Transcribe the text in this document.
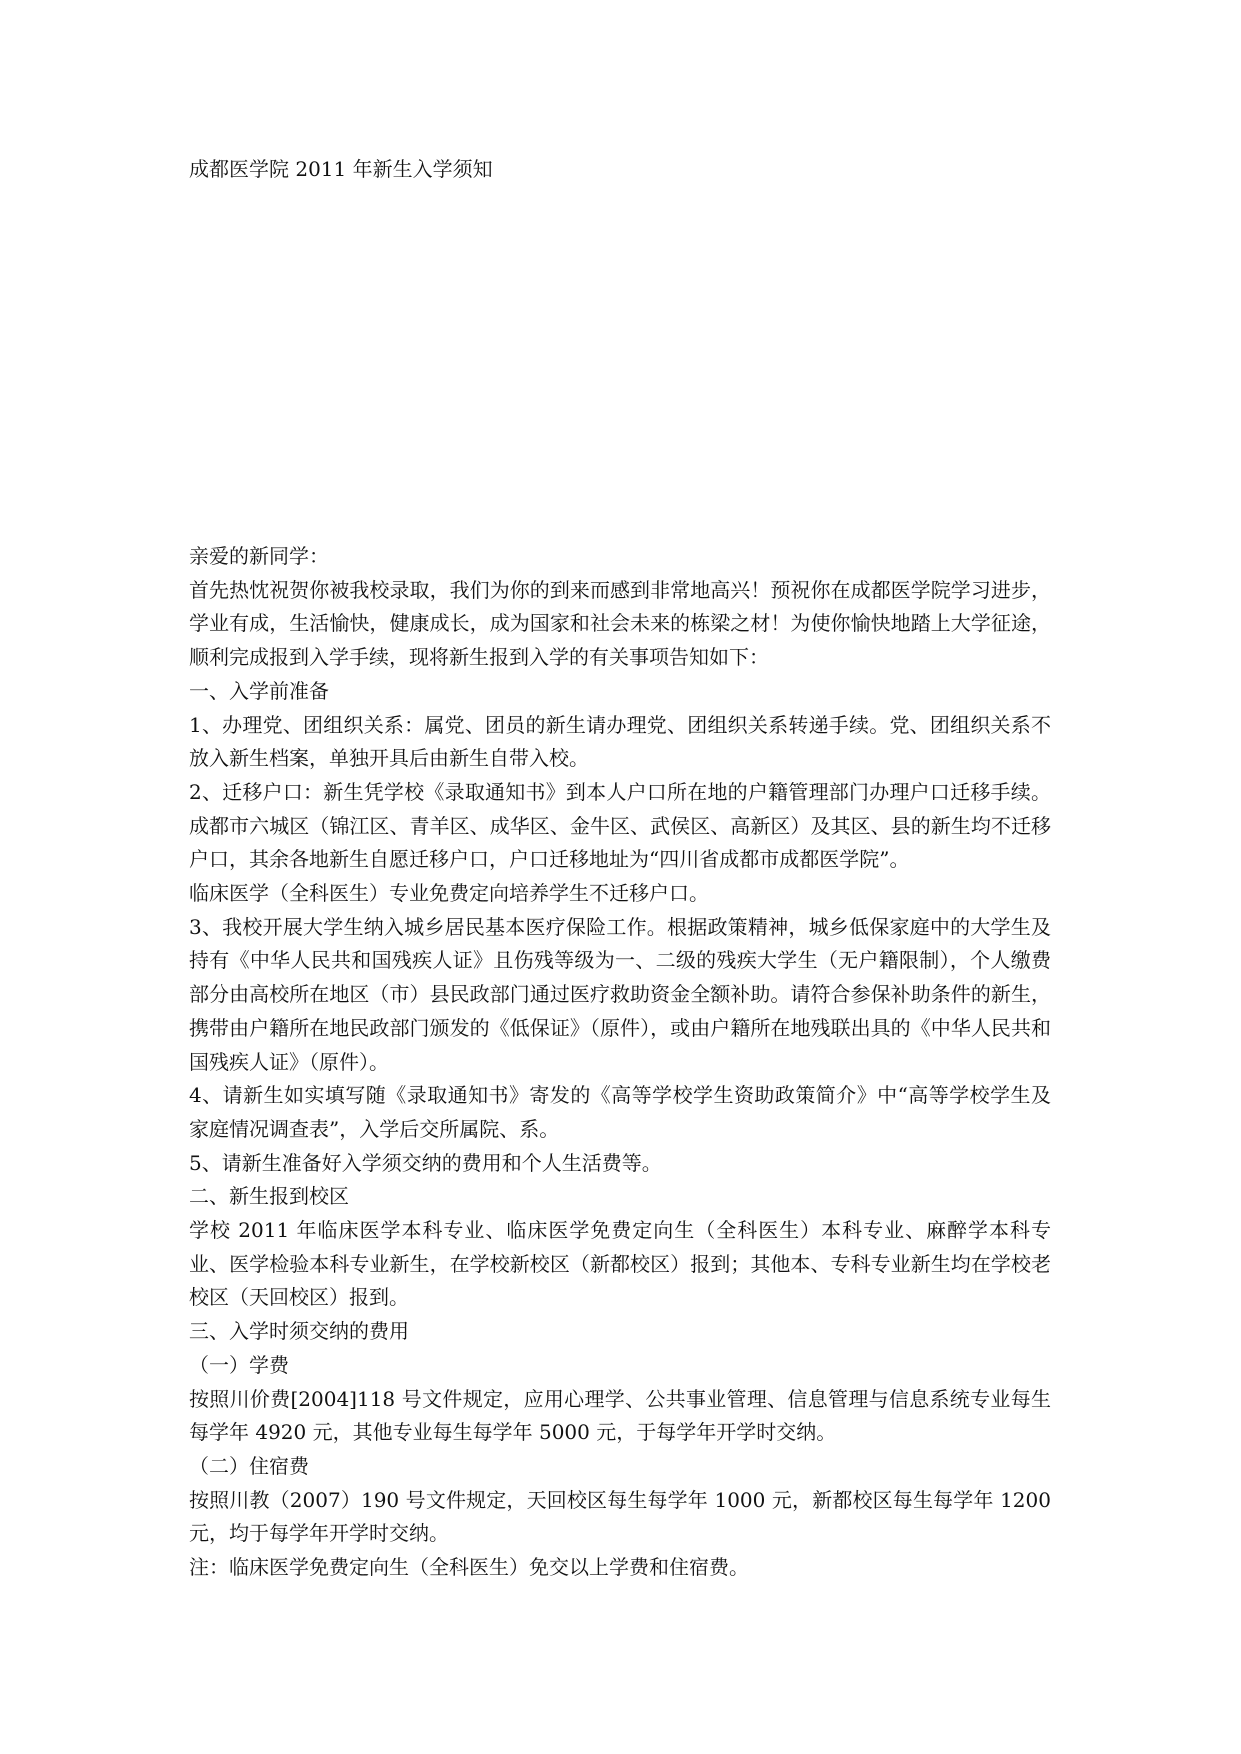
成都医学院 2011 年新生入学须知

亲爱的新同学：

首先热忱祝贺你被我校录取，我们为你的到来而感到非常地高兴！预祝你在成都医学院学习进步，学业有成，生活愉快，健康成长，成为国家和社会未来的栋梁之材！为使你愉快地踏上大学征途，顺利完成报到入学手续，现将新生报到入学的有关事项告知如下：

一、入学前准备

1、办理党、团组织关系：属党、团员的新生请办理党、团组织关系转递手续。党、团组织关系不放入新生档案，单独开具后由新生自带入校。

2、迁移户口：新生凭学校《录取通知书》到本人户口所在地的户籍管理部门办理户口迁移手续。成都市六城区（锦江区、青羊区、成华区、金牛区、武侯区、高新区）及其区、县的新生均不迁移户口，其余各地新生自愿迁移户口，户口迁移地址为“四川省成都市成都医学院”。

临床医学（全科医生）专业免费定向培养学生不迁移户口。

3、我校开展大学生纳入城乡居民基本医疗保险工作。根据政策精神，城乡低保家庭中的大学生及持有《中华人民共和国残疾人证》且伤残等级为一、二级的残疾大学生（无户籍限制），个人缴费部分由高校所在地区（市）县民政部门通过医疗救助资金全额补助。请符合参保补助条件的新生，携带由户籍所在地民政部门颁发的《低保证》（原件），或由户籍所在地残联出具的《中华人民共和国残疾人证》（原件）。

4、请新生如实填写随《录取通知书》寄发的《高等学校学生资助政策简介》中“高等学校学生及家庭情况调查表”，入学后交所属院、系。

5、请新生准备好入学须交纳的费用和个人生活费等。

二、新生报到校区

学校 2011 年临床医学本科专业、临床医学免费定向生（全科医生）本科专业、麻醉学本科专业、医学检验本科专业新生，在学校新校区（新都校区）报到；其他本、专科专业新生均在学校老校区（天回校区）报到。

三、入学时须交纳的费用

（一）学费

按照川价费[2004]118 号文件规定，应用心理学、公共事业管理、信息管理与信息系统专业每生每学年 4920 元，其他专业每生每学年 5000 元，于每学年开学时交纳。

（二）住宿费

按照川教（2007）190 号文件规定，天回校区每生每学年 1000 元，新都校区每生每学年 1200 元，均于每学年开学时交纳。

注：临床医学免费定向生（全科医生）免交以上学费和住宿费。
